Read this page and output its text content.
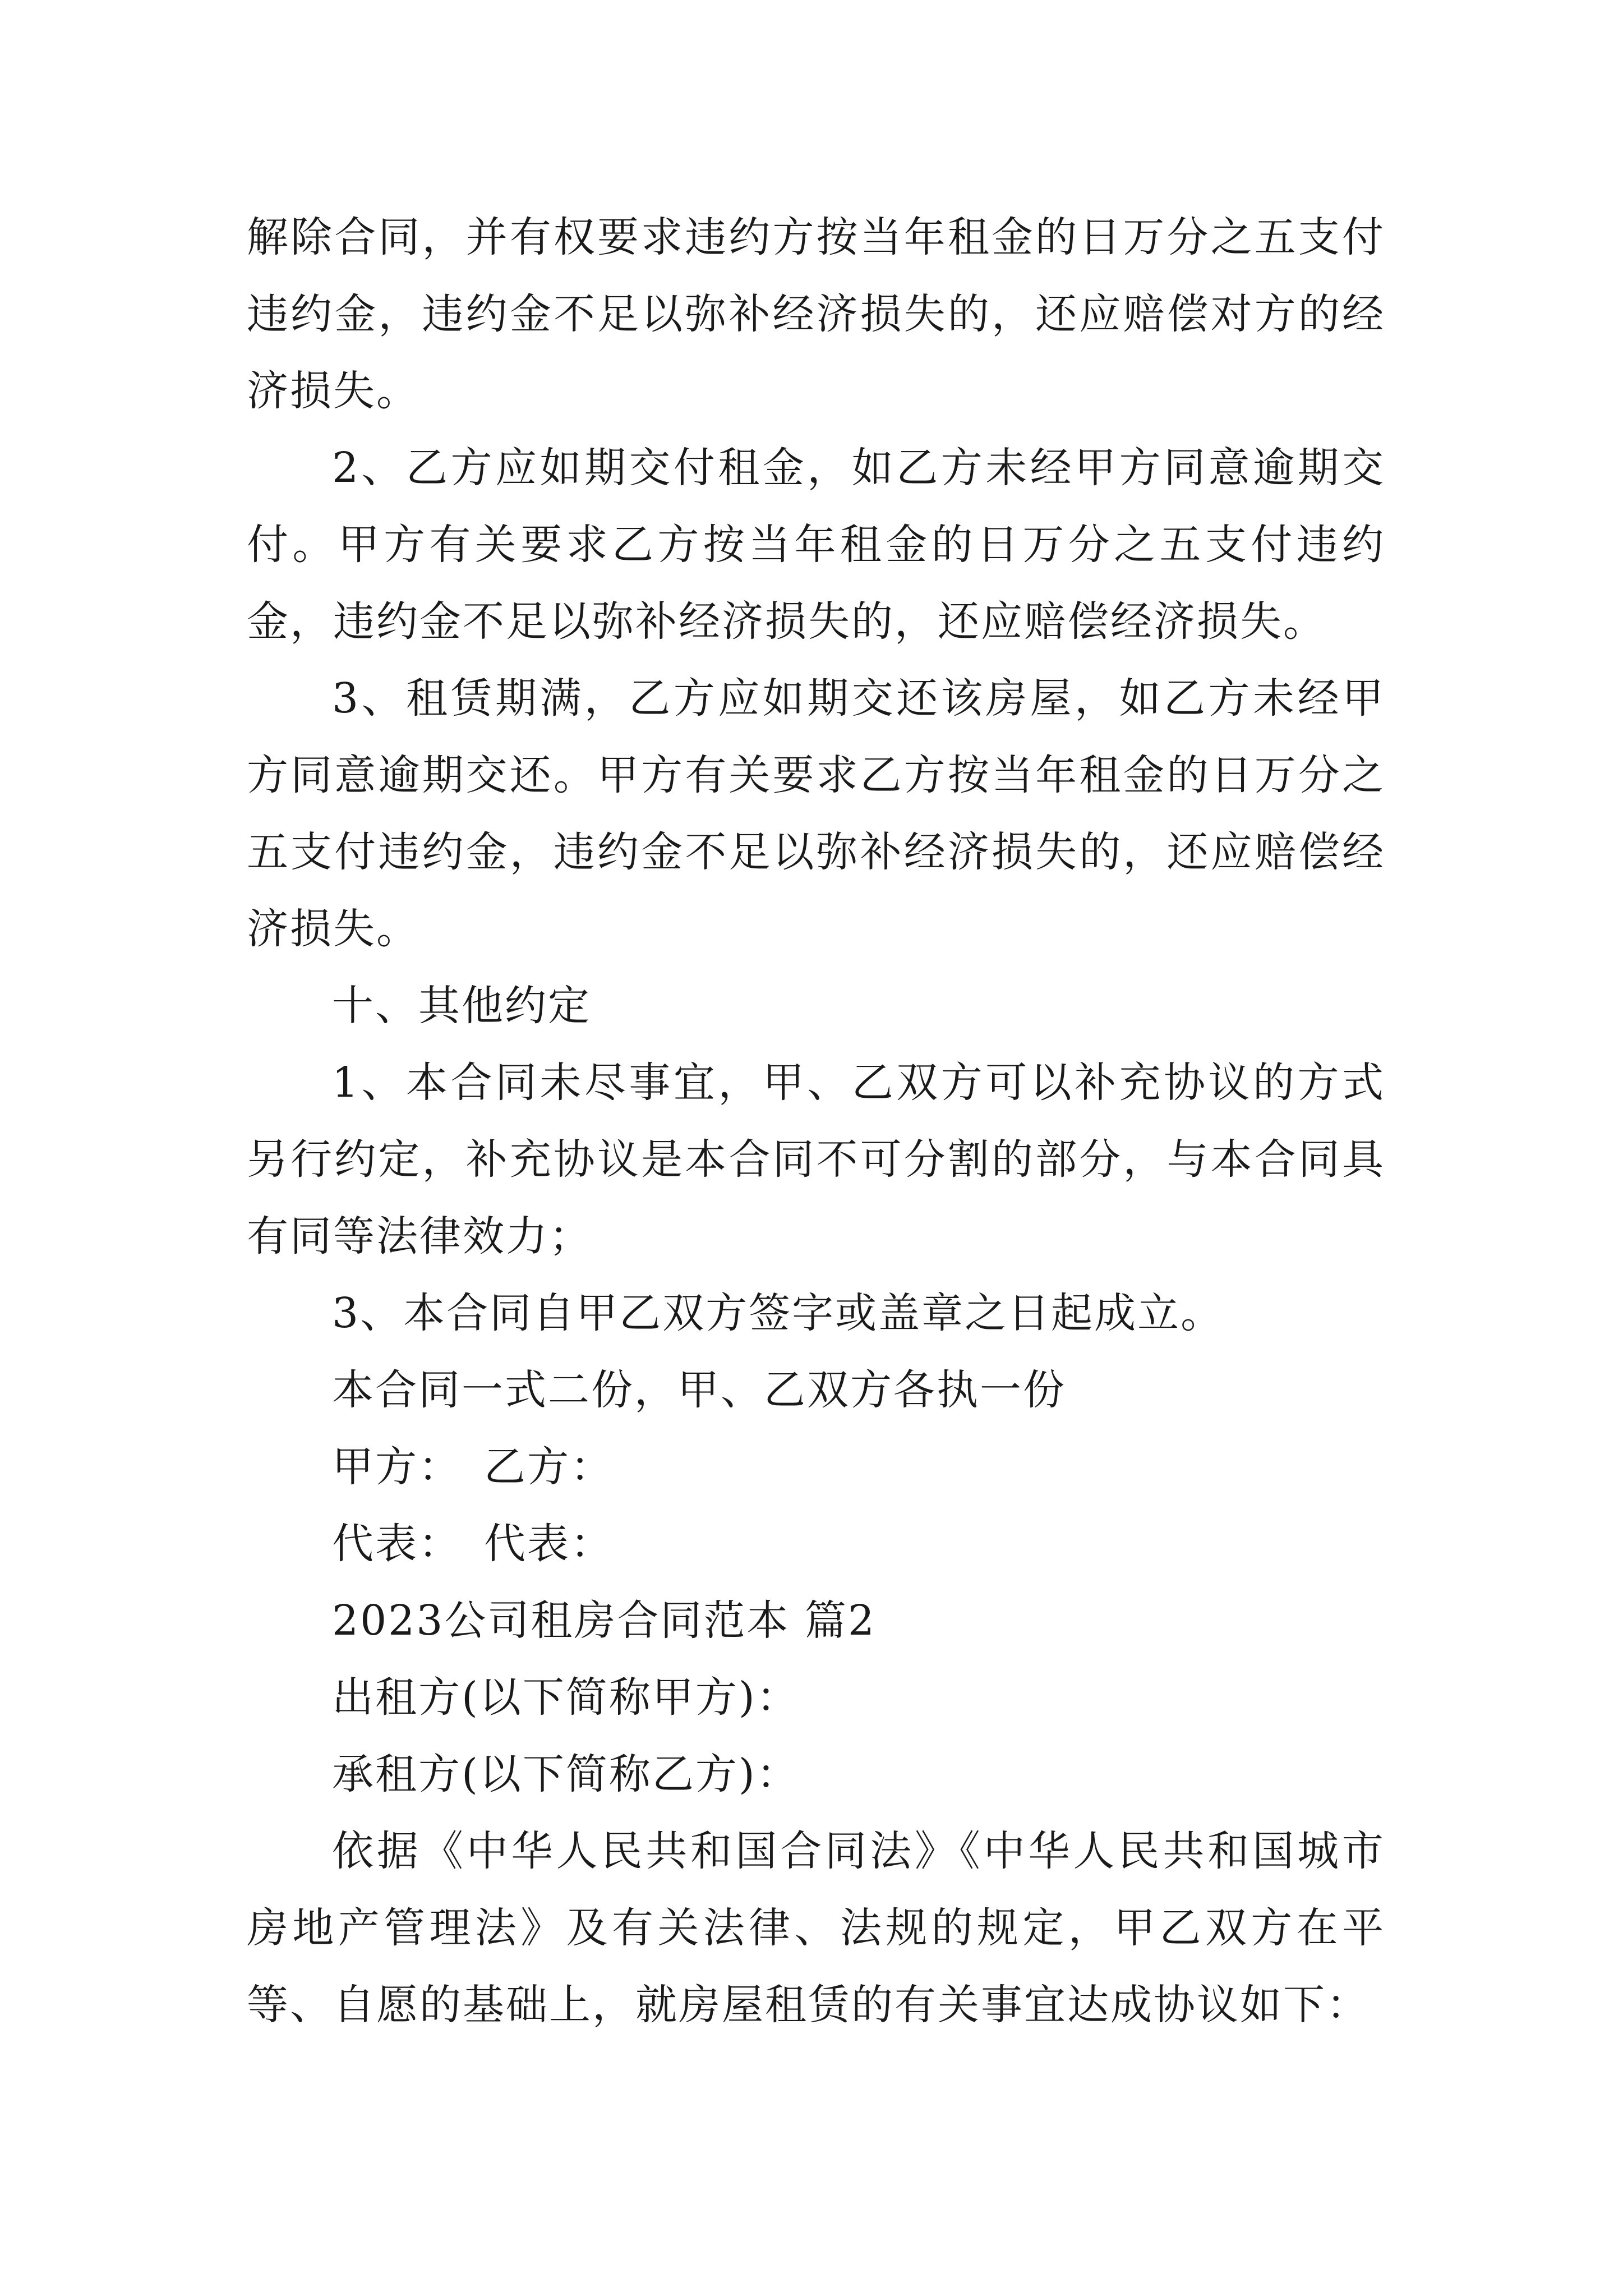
解除合同，并有权要求违约方按当年租金的日万分之五支付违约金，违约金不足以弥补经济损失的，还应赔偿对方的经济损失。

2、乙方应如期交付租金，如乙方未经甲方同意逾期交付。甲方有关要求乙方按当年租金的日万分之五支付违约金，违约金不足以弥补经济损失的，还应赔偿经济损失。

3、租赁期满，乙方应如期交还该房屋，如乙方未经甲方同意逾期交还。甲方有关要求乙方按当年租金的日万分之五支付违约金，违约金不足以弥补经济损失的，还应赔偿经济损失。

十、其他约定

1、本合同未尽事宜，甲、乙双方可以补充协议的方式另行约定，补充协议是本合同不可分割的部分，与本合同具有同等法律效力；

3、本合同自甲乙双方签字或盖章之日起成立。

本合同一式二份，甲、乙双方各执一份

甲方：　乙方：

代表：　代表：

2023公司租房合同范本 篇2

出租方(以下简称甲方)：

承租方(以下简称乙方)：

依据《中华人民共和国合同法》《中华人民共和国城市房地产管理法》及有关法律、法规的规定，甲乙双方在平等、自愿的基础上，就房屋租赁的有关事宜达成协议如下：
